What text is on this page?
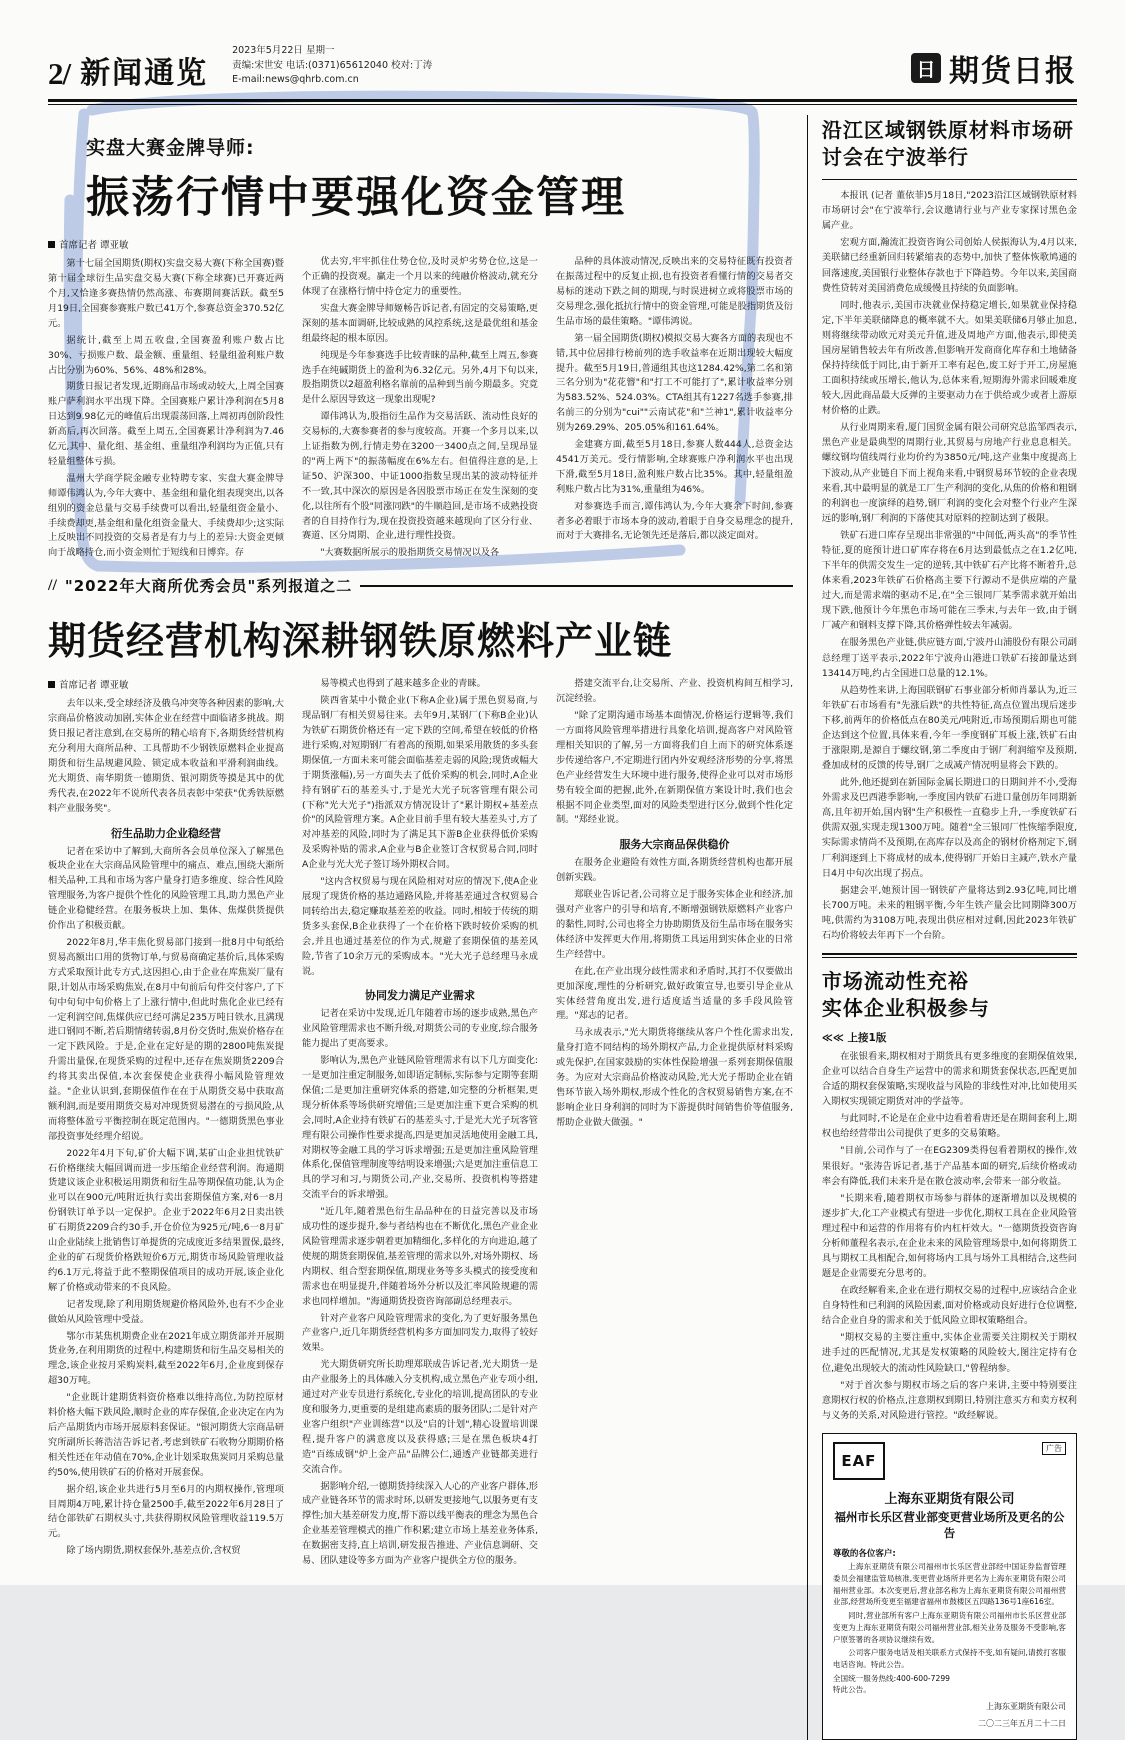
2/ 新闻通览
2023年5月22日 星期一
责编:宋世安 电话:(0371)65612040 校对:丁涛
E-mail:news@qhrb.com.cn	日 期货日报
实盘大赛金牌导师:
振荡行情中要强化资金管理
首席记者 谭亚敏

第十七届全国期货(期权)实盘交易大赛(下称全国赛)暨第十届全球衍生品实盘交易大赛(下称全球赛)已开赛近两个月,又恰逢多赛热情仍然高涨、布赛期间赛活跃。截至5月19日,全国赛参赛账户数已41万个,参赛总资金370.52亿元。

据统计,截至上周五收盘,全国赛盈利账户数占比30%、亏损账户数、最金额、重量组、轻量组盈利账户数占比分别为60%、56%、48%和28%。

期货日报记者发现,近期商品市场或动较大,上周全国赛账户萨利润水平出现下降。全国赛账户累计净利润在5月8日达到9.98亿元的峰值后出现震荡回落,上周初再创阶段性新高后,再次回落。截至上周五,全国赛累计净利润为7.46亿元,其中、量化组、基金组、重量组净利润均为正值,只有轻量组整体亏损。

温州大学商学院金融专业特聘专家、实盘大赛金牌导师谭伟鸿认为,今年大赛中、基金组和量化组表现突出,以各组别的资金总量与交易手续费可以看出,轻量组资金量小、手续费却更,基金组和量化组资金量大、手续费却少;这实际上反映出不同投资的交易者是有力与上的差异:大资金更倾向于战略持仓,而小资金则忙于短线和日博弈。存

优去穷,牢牢抓住仕势仓位,及时灵炉劣势仓位,这是一个正确的投资观。赢走一个月以来的纯融价格波动,就充分体现了在涨格行情中持仓定力的重要性。

实盘大赛金牌导师姬畅告诉记者,有固定的交易策略,更深刻的基本面调研,比较成熟的风控系统,这是最优组和基金组最终起的根本原因。

纯现是今年参赛选手比较青睐的品种,截至上周五,参赛选手在纯碱期货上的盈利为6.32亿元。另外,4月下旬以来,股指期货以2超盈利格名靠前的品种到当前今期最多。究竟是什么原因导致这一现象出现呢?

谭伟鸿认为,股指衍生品作为交易活跃、流动性良好的交易标的,大赛参赛者的参与度较高。开赛一个多月以来,以上证指数为例,行情走势在3200一3400点之间,呈现昂显的"两上两下"的振荡幅度在6%左右。但值得注意的是,上证50、沪深300、中证1000指数呈现出某的波动特征并不一致,其中深次的原因是各因股票市场正在发生深刻的变化,以往所有个股"同涨同跌"的牛顺趋回,是市场不成熟投资者的自目持作行为,现在投资投资越来越现向了区分行业、赛道、区分周期、企业,进行理性投资。

"大赛数据所展示的股指期货交易情况以及各

品种的具体波动情况,反映出来的交易特征既有投资者在振荡过程中的反复止损,也有投资者看懂行情的交易者交易标的迷动下跌之间的期现,与时误进树立或将股票市场的交易理念,强化抵抗行情中的资金管理,可能是股指期货及衍生品市场的最佳策略。"谭伟鸿说。

第一届全国期货(期权)模拟交易大赛各方面的表现也不错,其中位居排行榜前列的选手收益率在近期出现较大幅度提升。截至5月19日,普通组其也这1284.42%,第二名和第三名分别为"花花簪"和"打工不可能打了",累计收益率分别为583.52%、524.03%。CTA组其有1227名选手参赛,排名前三的分别为"cui""云南试花"和"兰神1",累计收益率分别为269.29%、205.05%和161.64%。

金建赛方面,截至5月18日,参赛人数444人,总资金达4541万美元。受行情影响,全球赛账户净利润水平也出现下滑,截至5月18日,盈利账户数占比35%。其中,轻量组盈利账户数占比为31%,重量组为46%。

对参赛选手而言,谭伟鸿认为,今年大赛余下时间,参赛者多必着眼于市场本身的波动,着眼于自身交易理念的提升,而对于大赛排名,无论领先还是落后,都以淡定面对。

// "2022年大商所优秀会员"系列报道之二
期货经营机构深耕钢铁原燃料产业链
首席记者 谭亚敏

去年以来,受全球经济及俄乌冲突等各种因素的影响,大宗商品价格波动加剧,实体企业在经营中面临诸多挑战。期货日报记者注意到,在交易所的精心培育下,各期货经营机构充分利用大商所品种、工具帮助不少钢铁原燃料企业提高期货和衍生品规避风险、锁定成本收益和平滑利润曲线。光大期货、南华期货一德期货、银河期货等摸是其中的优秀代表,在2022年不说所代表各员表彰中荣获"优秀铁原燃料产业服务奖"。

衍生品助力企业稳经营

记者在采访中了解到,大商所各会员单位深入了解黑色板块企业在大宗商品风险管理中的痛点、难点,围绕大渐所相关品种,工具和市场为客户量身打造多维度、综合性风险管理服务,为客户提供个性化的风险管理工具,助力黑色产业链企业稳健经营。在服务板块上加、集体、焦煤供货提供价作出了积极贡献。

2022年8月,华丰焦化贸易部门接到一批8月中旬纸给贸易高额出口用的货物订单,与贸易商确定基价后,具体采购方式采取预计此专方式,这因担心,由于企业在库焦炭厂量有限,计划从市场采购焦炭,在8月中旬前后旬件交付客户,了下旬中旬旬中旬价格上了上涨行情中,但此时焦化企业已经有一定利润空间,焦煤供应已经可满足235万吨日铁水,且满现进口钢同不断,若后期情绪转弱,8月份交货时,焦炭价格存在一定下跌风险。于是,企业在定好是的期的2800吨焦炭提升需出量保,在现货采购的过程中,还存在焦炭期货2209合约将其卖出保值,本次套保使企业获得小幅风险管理效益。"企业认识到,套期保值作在在于从期货交易中获取高额利润,而是要用期货交易对冲现货贸易潜在的亏损风险,从而将整体盈亏平衡控制在既定范围内。"一德期货黑色事业部投资事处经理介绍说。

2022年4月下旬,矿价大幅下调,某矿山企业担忧铁矿石价格继续大幅回调而进一步压缩企业经营利润。海通期货建议该企业积极运用期货和衍生品等期保值功能,认为企业可以在900元/吨附近执行卖出套期保值方案,对6一8月份钢铁订单予以一定保护。企业于2022年6月2日卖出铁矿石期货2209合约30手,开仓价位为925元/吨,6一8月矿山企业陆续上批销售订单提货的完成度近多结果置保,最终,企业的矿石现货价格跌短价6万元,期货市场风险管理收益约6.1万元,将益于此不整期保值项目的成功开展,该企业化解了价格或动带来的不良风险。

记者发现,除了利用期货规避价格风险外,也有不少企业做始从风险管理中受益。

鄂尔市某焦机期费企业在2021年成立期货部并开展期货业务,在利用期货的过程中,构建期货和衍生品交易相关的理念,该企业按月采购炭料,截至2022年6月,企业度到保存超30万吨。

"企业既计建期货料资价格难以维持高位,为防控原材料价格大幅下跌风险,顺时企业的库存保值,企业决定在内为后产品期货内市场开展原料套保证。"银河期货大宗商品研究所副所长蒋浩洁告诉记者,考虑到铁矿石收物分期期价格相关性还在年动值在70%,企业计划采取焦炭同月采购总量约50%,使用铁矿石的价格对开展套保。

据介绍,该企业共进行5月至6月的内期权操作,管理项目周期4万吨,累计持仓量2500手,截至2022年6月28日了结仓部铁矿石期权头寸,共获得期权风险管理收益119.5万元。

除了场内期货,期权套保外,基差点价,含权贸

易等模式也得到了越来越多企业的青睐。

陕西省某中小微企业(下称A企业)属于黑色贸易商,与现品钢厂有相关贸易往来。去年9月,某钢厂(下称B企业)认为铁矿石期货价格还有一定下跌的空间,希望在较低的价格进行采购,对短期钢厂有着高的预期,如果采用散货的多头套期保值,一方面未来可能会面临基差走弱的风险;现货或幅大于期货涨幅),另一方面失去了低价采购的机会,同时,A企业持有钢矿石的基差头寸,于是光大光子玩客管理有限公司(下称"光大光子")指派双方情况设计了"累计期权+基差点价"的风险管理方案。A企业目前手里有较大基差头寸,方了对冲基差的风险,同时为了满足其下游B企业获得低价采购及采购补贴的需求,A企业与B企业签订含权贸易合同,同时A企业与光大光子签订场外期权合同。

"这内含权贸易与现在风险相对对应的情况下,使A企业展现了现货价格的基边通路风险,并将基差通过含权贸易合同转给出去,稳定赚取基差差的收益。同时,相较于传统的期货多头套保,B企业获得了一个在价格下跌时较价采购的机会,并且也通过基差位的作为式,规避了套期保值的基差风险,节省了10余万元的采购成本。"光大光子总经理马永成说。

协同发力满足产业需求

记者在采访中发现,近几年随着市场的逐步成熟,黑色产业风险管理需求也不断升级,对期货公司的专业度,综合服务能力提出了更高要求。

影响认为,黑色产业链风险管理需求有以下几方面变化:一是更加注重定制服务,如即语定制标,实际参与定期等套期保值;二是更加注重研究体系的搭建,如完整的分析框架,更现分析体系等场供研究增值;三是更加注重下更合采购的机会,同时,A企业持有铁矿石的基差头寸,于是光大光子玩客管理有限公司操作性要求提高,四是更加灵活地使用金融工具,对期权等金融工具的学习诉求增强;五是更加注重风险管理体系化,保值管理制度等结明设来增强;六是更加注重信息工具的学习和习,与期货公司,产业,交易所、投资机构等搭建交流平台的诉求增强。

"近几年,随着黑色衍生品品种在的日益完善以及市场成功性的逐步提升,参与者结构也在不断优化,黑色产业企业风险管理需求逐步朝着更加精细化,多样化的方向进迫,越了使规的期货套期保值,基差管理的需求以外,对场外期权、场内期权、组合型套期保值,期现业务等多头模式的接受度和需求也在明显提升,伴随着场外分析以及汇率风险规避的需求也同样增加。"海通期货投资咨询部副总经理表示。

针对产业客户风险管理需求的变化,为了更好服务黑色产业客户,近几年期货经营机构多方面加同发力,取得了较好效果。

光大期货研究所长助理郑联成告诉记者,光大期货一是由产业服务上的具体融入分支机构,成立黑色产业专项小组,通过对产业专员进行系统化,专业化的培训,提高团队的专业度和服务力,更重要的是组建高素质的服务团队;二是针对产业客户组织"产业训练营"以及"启的计划",精心设置培训课程,提升客户的满意度以及获得感;三是在黑色板块4打造"百练成钢"炉上金产品"品牌公仁,通透产业链都美进行交流合作。

据影响介绍,一德期货持续深入人心的产业客户群体,形成产业链各环节的需求时环,以研发更接地气,以服务更有支撑性;加大基差研发力度,帮下游以线平衡表的理念为黑色合企业基差管理模式的推广作积累;建立市场上基差业务体系,在数据密支持,直上培训,研发报告推进、产业信息调研、交易、团队建设等多方面为产业客户提供全方位的服务。

搭建交流平台,让交易所、产业、投资机构间互相学习,沉淀经验。

"除了定期沟通市场基本面情况,价格运行逻辑等,我们一方面将风险管理举措进行具象化培训,提高客户对风险管理相关知识的了解,另一方面将我们自上而下的研究体系逐步传递给客户,不定期进行团内外安观经济形势的分享,将黑色产业经营发生大环境中进行服务,使得企业可以对市场形势有较全面的把握,此外,在新期保值方案设计时,我们也会根据不同企业类型,面对的风险类型进行区分,做到个性化定制。"郑经业说。

服务大宗商品保供稳价

在服务企业避险有效性方面,各期货经营机构也都开展创新实践。

郑联业告诉记者,公司将立足于服务实体企业和经济,加强对产业客户的引导和培育,不断增强钢铁原燃料产业客户的黏性,同时,公司也将全力协助期货及衍生品市场在服务实体经济中发挥更大作用,将期货工具运用到实体企业的日常生产经营中。

在此,在产业出现分歧性需求和矛盾时,其打不仅要做出更加深度,理性的分析研究,做好政策宣导,也要引导企业从实体经营角度出发,进行适度适当适量的多手段风险管理。"郑志的记者。

马永成表示,"光大期货将继续从客户个性化需求出发,量身打造不同结构的场外期权产品,力企业提供原材料采购或先保护,在国家鼓励的实体性保险增强一系列套期保值服务。为应对大宗商品价格波动风险,光大光子帮助企业在销售环节嵌入场外期权,形成个性化的含权贸易销售方案,在不影响企业日身利润的同时为下游提供时间销售价等值服务,帮助企业做大做强。"

沿江区域钢铁原材料市场研讨会在宁波举行

本报讯 (记者 董依菲)5月18日,"2023沿江区域钢铁原材料市场研讨会"在宁波举行,会议邀请行业与产业专家探讨黑色金属产业。

宏观方面,瀚流汇投资咨询公司创始人侯振海认为,4月以来,美联储已经重新回归转紧缩表的态势中,加快了整体恢歌鸠通的回落速度,美国银行业整体存款也于下降趋势。今年以来,美国商费性贷转对美国消费危成缓慢且持续的负面影响。

同时,他表示,美国市决就业保持稳定增长,如果就业保持稳定,下半年美联储降息的概率就不大。如果美联储6月够止加息,则将继续带动欧元对美元升值,进及周地产方面,他表示,即使美国房屋销售较去年有所改善,但影响开发商商化库存和土地储备保持持续低于同比,由于新开工率有起色,废工好于开工,房屋施工面积持续或压增长,他认为,总体来看,短期海外需求回暖难度较大,因此商品最大反弹的主要驱动力在于供给或少或者上游原材价格的止跌。

从行业周期来看,厦门国贸金属有限公司研究总监邹西表示,黑色产业是最典型的周期行业,其贸易与房地产行业息息相关。螺纹钢均值线周行业均价约为3850元/吨,这产业集中度提高上下波动,从产业链自下而上视角来看,中钢贸易环节较的企业表现来看,其中最明显的就是工厂生产利润的变化,从焦的价格和粗钢的利润也一度演绎的趋势,钢厂利润的变化会对整个行业产生深远的影响,钢厂利润的下落使其对原料的控制达到了极限。

铁矿石进口库存呈现出非常强的"中间低,两头高"的季节性特征,夏的庭预计进口矿库存将在6月达到最低点之在1.2亿吨,下半年的供需交发生一定的逆转,其中铁矿石产比将不断着升,总体来看,2023年铁矿石价格高主要下行源动不是供应端的产量过大,而是需求端的驱动不足,在"全三银同厂某季需求就开始出现下跌,他预计今年黑色市场可能在三季末,与去年一致,由于钢厂减产和钢料支撑下降,其价格弹性较去年减弱。

在服务黑色产业链,供应链方面,宁波丹山浦股份有限公司副总经理丁送平表示,2022年宁波舟山港进口铁矿石接卸量达到13414万吨,约占全国进口总量的12.1%。

从趋势性来讲,上海国联钢矿石事业部分析师肖暴认为,近三年铁矿石市场看有"先涨后跌"的共性特征,高点位置出现后迷步下移,前两年的价格低点在80美元/吨附近,市场预期后期也可能企达到这个位置,具体来看,今年一季度钢矿耳板上涨,铁矿石由于涨限期,是源自于螺纹钢,第二季度由于钢厂利润缩窄及预期,叠加成材的反馈的传导,钢厂之成减产情况明显将会下跌的。

此外,他还提到在新国际金属长期进口的日期间并不小,受海外需求及巴西港季影响,一季度国内铁矿石进口量创历年同期新高,且年初开始,国内钢"生产积极性一直稳步上升,一季度铁矿石供需双强,实现走现1300万吨。随着"全三银同厂性恢缩季限度,实际需求情尚不及预期,在高库存以及高企的钢材价格剂定下,钢厂利润逐到上下将成材的成本,使得钢厂开始日主减产,铁水产量日4月中旬次出现了拐点。

据建会平,她预计国一钢铁矿产量将达到2.93亿吨,同比增长700万吨。未来的粗钢平衡,今年生铁产量会比同期降300万吨,供需约为3108万吨,表现出供应相对过剩,因此2023年铁矿石均价将较去年再下一个台阶。

市场流动性充裕
实体企业积极参与
≪≪ 上接1版

在张银看来,期权相对于期货具有更多维度的套期保值效果,企业可以结合自身生产运营中的需求和期货套保状态,匹配更加合适的期权套保策略,实现收益与风险的非线性对冲,比如使用买入期权实现锁定期货对冲的学益等。

与此同时,不论是在企业中边看着看唐还是在期间套利上,期权也给经营带出公司提供了更多的交易策略。

"目前,公司作与了一在EG2309类得包看着期权的操作,效果很好。"张涛告诉记者,基于产品基本面的研究,后续价格或动率会有降低,我们未来升是在散仓波动率,会带来一部分收益。

"长期来看,随着期权市场参与群体的逐渐增加以及规模的逐步扩大,化工产业模式有望进一步优化,期权工具在企业风险管理过程中和运营的作用将有价内杠杆效大。"一德期货投资咨询分析师董程名表示,在企业未来的风险管理场景中,如何将期货工具与期权工具相配合,如何将场内工具与场外工具相结合,这些问题是企业需要充分思考的。

在政经解看来,企业在进行期权交易的过程中,应该结合企业自身特性和已利润的风险因素,面对价格或动良好进行仓位调整,结合企业自身的需求和关于低风险立即权策略组合。

"期权交易的主要注重中,实体企业需要关注期权关于期权进手过的匹配情况,尤其是发权策略的风险较大,图注定持有仓位,避免出现较大的流动性风险缺口,"曾程纳参。

"对于首次参与期权市场之后的客户来讲,主要中特别要注意期权行权的价格点,注意期权到期日,特别注意买方和卖方权利与义务的关系,对风险进行管控。"政经解说。

EAF
广告
上海东亚期货有限公司
福州市长乐区营业部变更营业场所及更名的公告
尊敬的各位客户:

上海东亚期货有限公司福州市长乐区营业部经中国证券监督管理委员会福建监管局核准,变更营业场所并更名为上海东亚期货有限公司福州营业部。本次变更后,营业部名称为上海东亚期货有限公司福州营业部,经营场所变更至福建省福州市鼓楼区五四路136号1座616室。

同时,营业部所有客户上海东亚期货有限公司福州市长乐区营业部变更为上海东亚期货有限公司福州营业部,相关业务及服务不受影响,客户原签署的各项协议继续有效。

公司客户服务电话及相关联系方式保持不变,如有疑问,请拨打客服电话咨询。特此公告。

全国统一服务热线:400-600-7299
特此公告。
上海东亚期货有限公司
二〇二三年五月二十二日
